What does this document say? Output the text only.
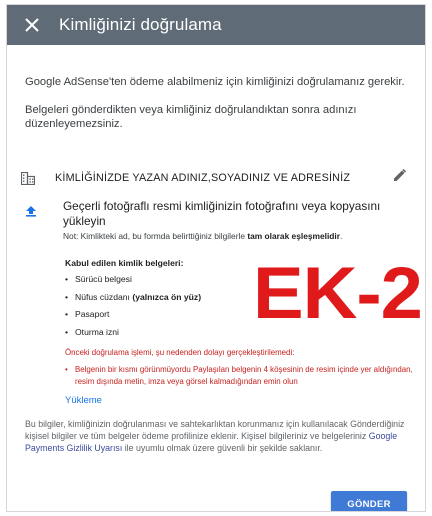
Kimliğinizi doğrulama

Google AdSense'ten ödeme alabilmeniz için kimliğinizi doğrulamanız gerekir.

Belgeleri gönderdikten veya kimliğiniz doğrulandıktan sonra adınızı düzenleyemezsiniz.

KİMLİĞİNİZDE YAZAN ADINIZ,SOYADINIZ VE ADRESİNİZ
Geçerli fotoğraflı resmi kimliğinizin fotoğrafını veya kopyasını yükleyin
Not: Kimlikteki ad, bu formda belirttiğiniz bilgilerle tam olarak eşleşmelidir.
Kabul edilen kimlik belgeleri:
• Sürücü belgesi
• Nüfus cüzdanı (yalnızca ön yüz)
• Pasaport
• Oturma izni	EK-2
Önceki doğrulama işlemi, şu nedenden dolayı gerçekleştirilemedi:
• Belgenin bir kısmı görünmüyordu Paylaşılan belgenin 4 köşesinin de resim içinde yer aldığından, resim dışında metin, imza veya görsel kalmadığından emin olun
Yükleme
Bu bilgiler, kimliğinizin doğrulanması ve sahtekarlıktan korunmanız için kullanılacak Gönderdiğiniz kişisel bilgiler ve tüm belgeler ödeme profilinize eklenir. Kişisel bilgileriniz ve belgeleriniz Google Payments Gizlilik Uyarısı ile uyumlu olmak üzere güvenli bir şekilde saklanır.
GÖNDER
